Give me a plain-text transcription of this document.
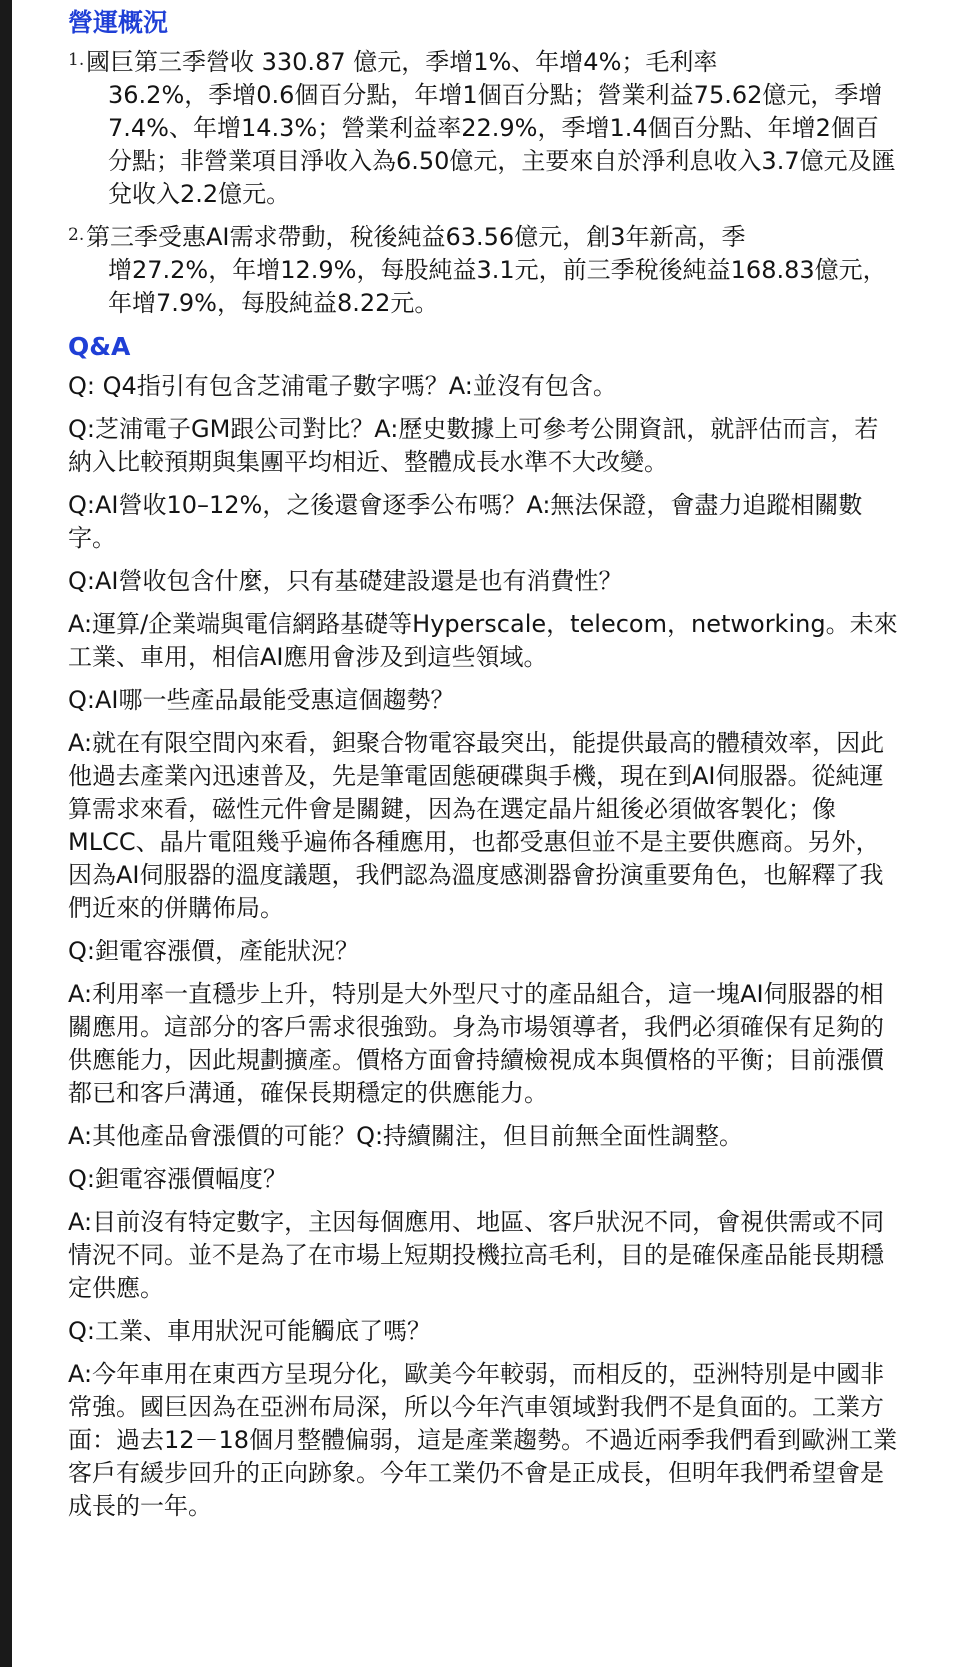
營運概況
1. 國巨第三季營收 330.87 億元，季增1%、年增4%；毛利率
36.2%，季增0.6個百分點，年增1個百分點；營業利益75.62億元，季增7.4%、年增14.3%；營業利益率22.9%，季增1.4個百分點、年增2個百分點；非營業項目淨收入為6.50億元，主要來自於淨利息收入3.7億元及匯兌收入2.2億元。
2. 第三季受惠AI需求帶動，稅後純益63.56億元，創3年新高，季
增27.2%，年增12.9%，每股純益3.1元，前三季稅後純益168.83億元，年增7.9%，每股純益8.22元。
Q&A

Q: Q4指引有包含芝浦電子數字嗎？A:並沒有包含。

Q:芝浦電子GM跟公司對比？A:歷史數據上可參考公開資訊，就評估而言，若納入比較預期與集團平均相近、整體成長水準不大改變。

Q:AI營收10–12%，之後還會逐季公布嗎？A:無法保證，會盡力追蹤相關數字。

Q:AI營收包含什麼，只有基礎建設還是也有消費性？

A:運算/企業端與電信網路基礎等Hyperscale，telecom，networking。未來工業、車用，相信AI應用會涉及到這些領域。

Q:AI哪一些產品最能受惠這個趨勢？

A:就在有限空間內來看，鉭聚合物電容最突出，能提供最高的體積效率，因此他過去產業內迅速普及，先是筆電固態硬碟與手機，現在到AI伺服器。從純運算需求來看，磁性元件會是關鍵，因為在選定晶片組後必須做客製化；像MLCC、晶片電阻幾乎遍佈各種應用，也都受惠但並不是主要供應商。另外，因為AI伺服器的溫度議題，我們認為溫度感測器會扮演重要角色，也解釋了我們近來的併購佈局。

Q:鉭電容漲價，產能狀況？

A:利用率一直穩步上升，特別是大外型尺寸的產品組合，這一塊AI伺服器的相關應用。這部分的客戶需求很強勁。身為市場領導者，我們必須確保有足夠的供應能力，因此規劃擴產。價格方面會持續檢視成本與價格的平衡；目前漲價都已和客戶溝通，確保長期穩定的供應能力。

A:其他產品會漲價的可能？Q:持續關注，但目前無全面性調整。

Q:鉭電容漲價幅度？

A:目前沒有特定數字，主因每個應用、地區、客戶狀況不同，會視供需或不同情況不同。並不是為了在市場上短期投機拉高毛利，目的是確保產品能長期穩定供應。

Q:工業、車用狀況可能觸底了嗎？

A:今年車用在東西方呈現分化，歐美今年較弱，而相反的，亞洲特別是中國非常強。國巨因為在亞洲布局深，所以今年汽車領域對我們不是負面的。工業方面：過去12－18個月整體偏弱，這是產業趨勢。不過近兩季我們看到歐洲工業客戶有緩步回升的正向跡象。今年工業仍不會是正成長，但明年我們希望會是成長的一年。
